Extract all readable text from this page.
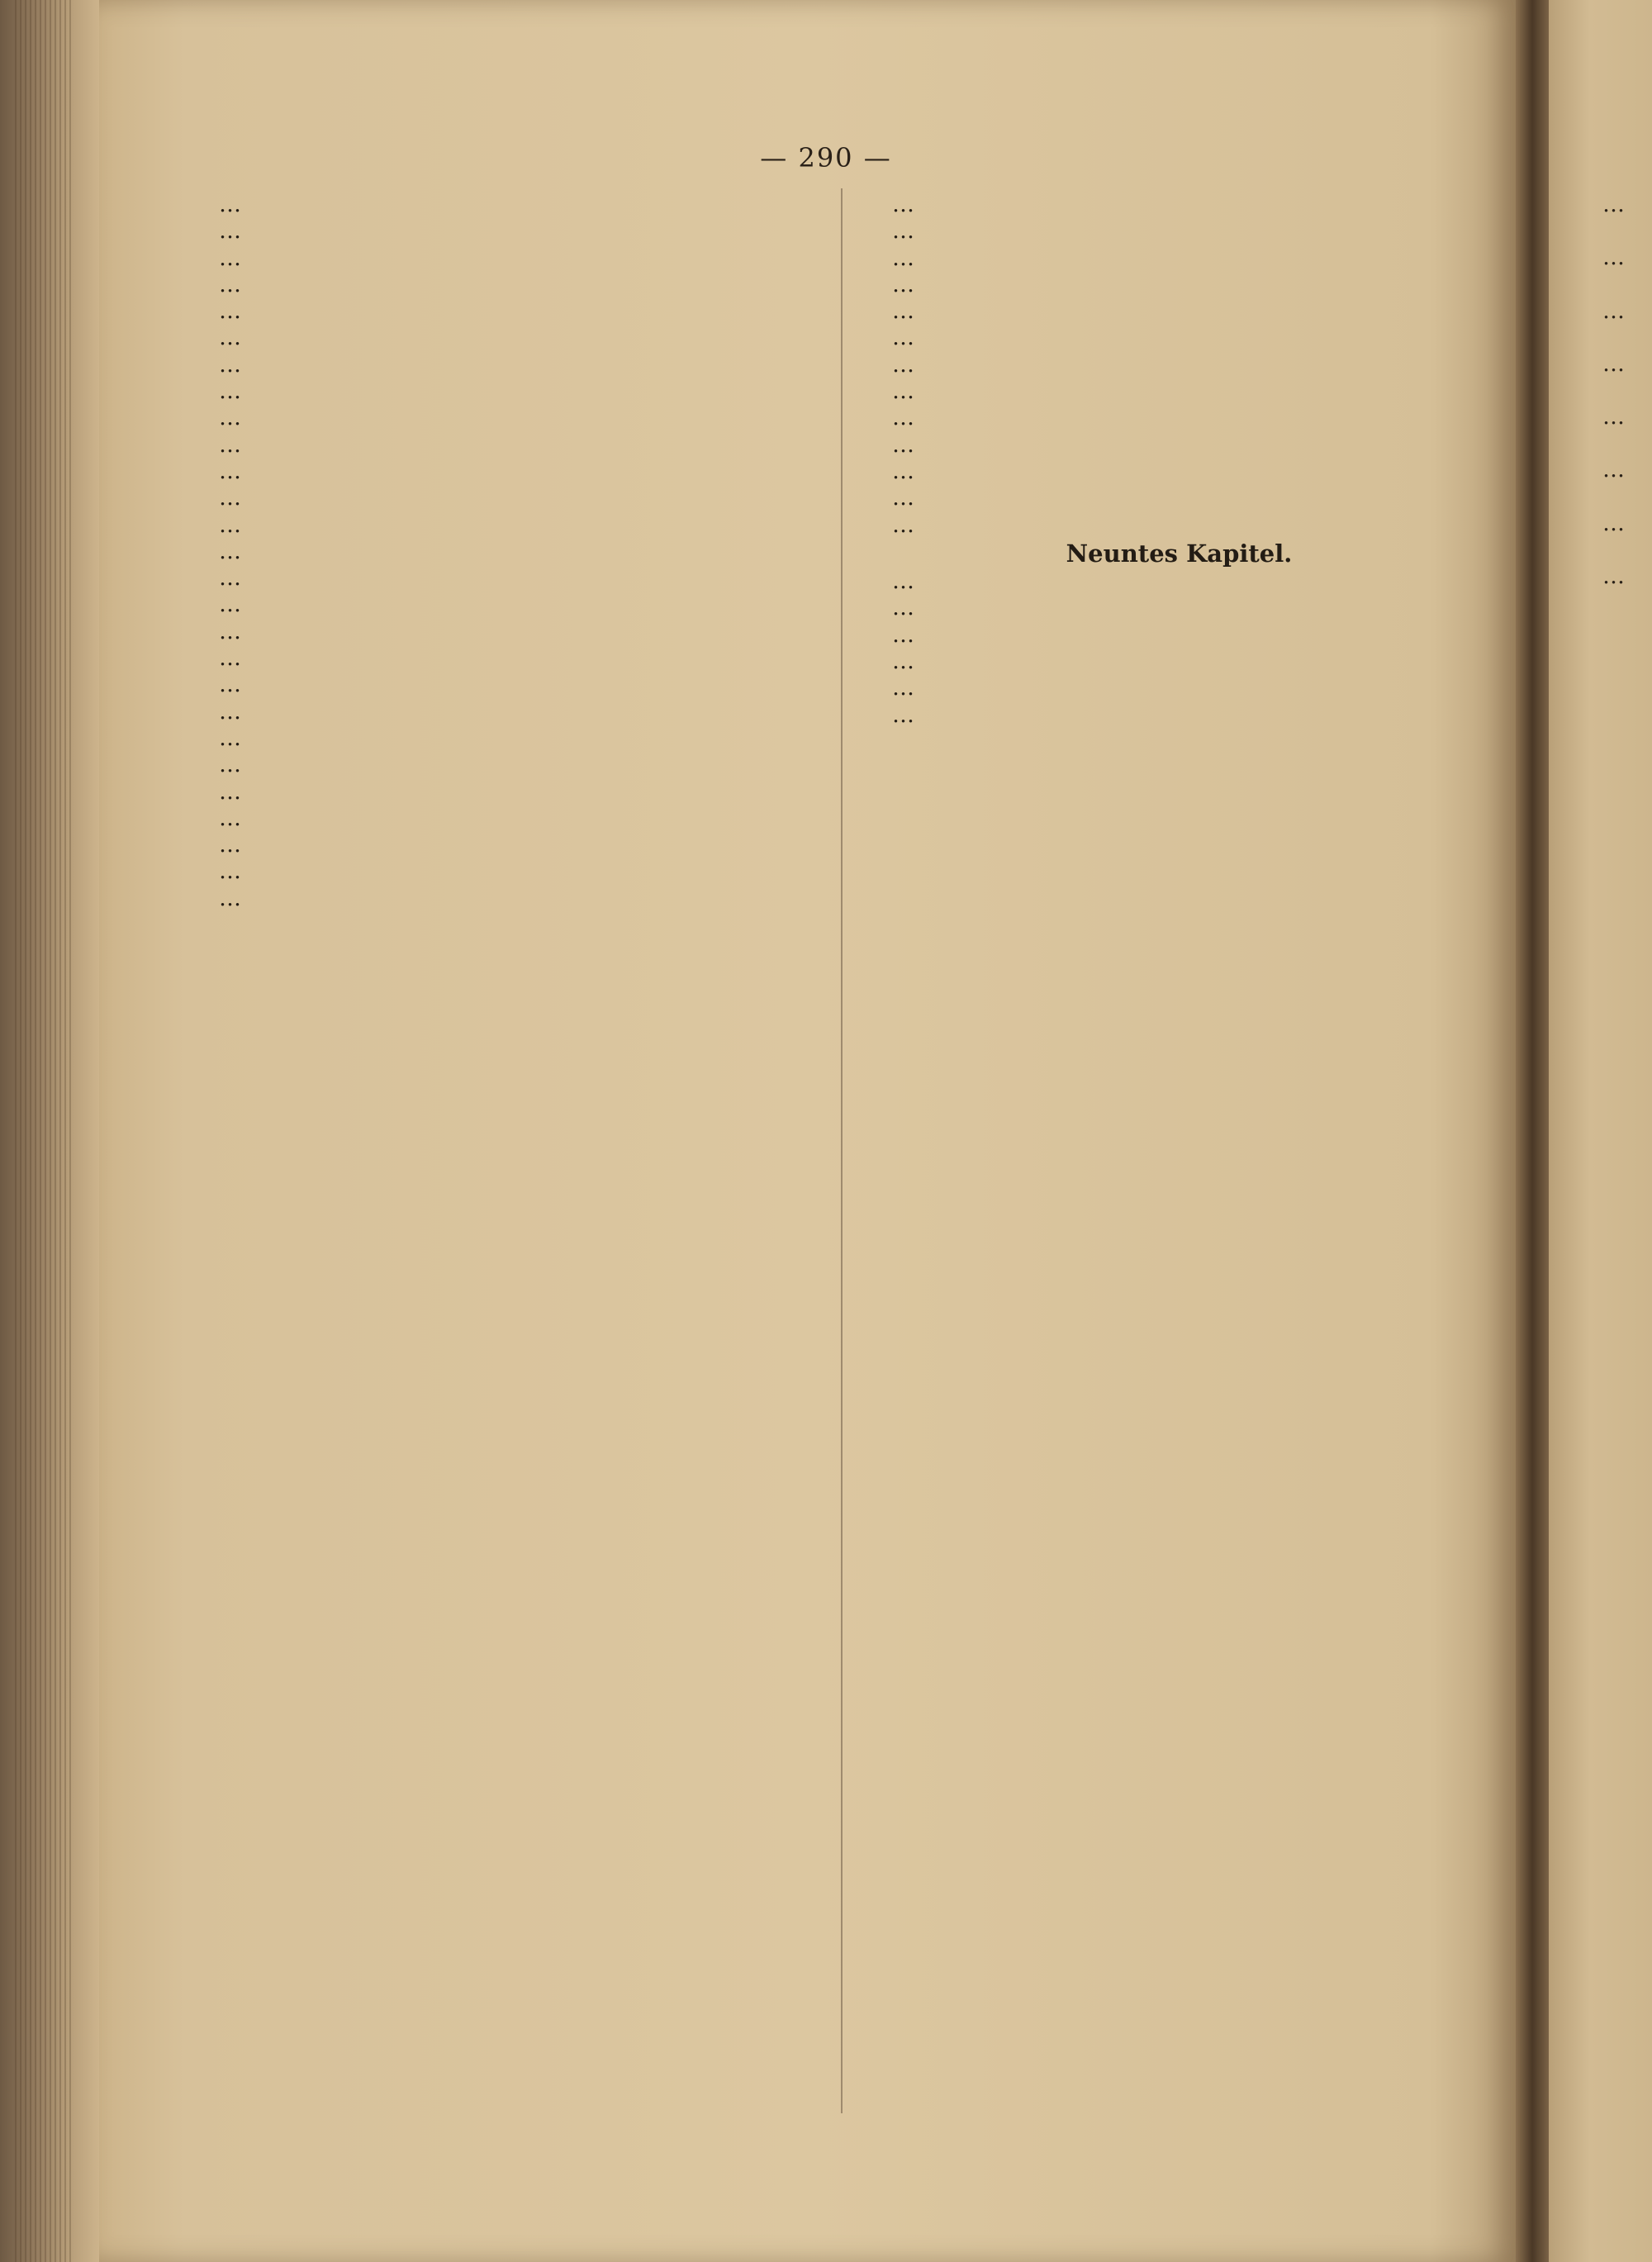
— 290 —

…

…

…

…

…

…

…

…

…

…

…

…

…

…

…

…

…

…

…

…

…

…

…

…

…

…

…

…

…

…

…

…

…

…

…

…

…

…

…

…

Neuntes Kapitel.

…

…

…

…

…

…

…
…
…
…
…
…
…
…
